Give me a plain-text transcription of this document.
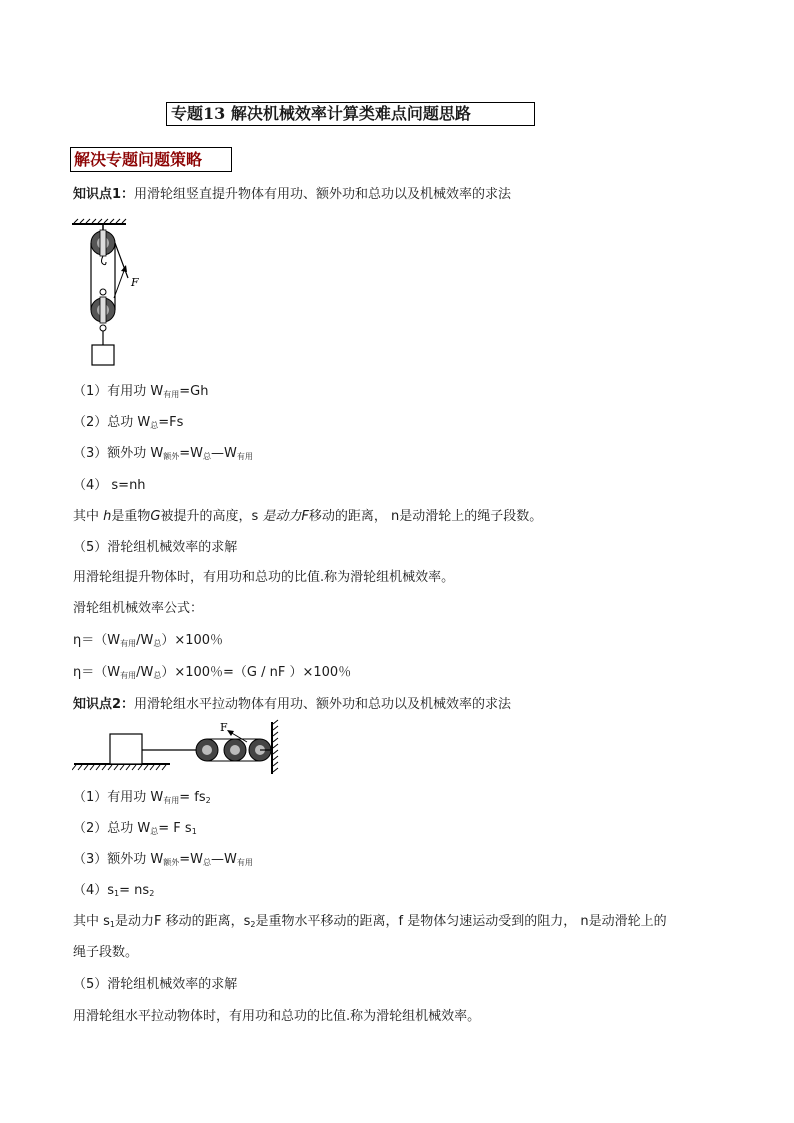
专题13 解决机械效率计算类难点问题思路
解决专题问题策略
知识点1：用滑轮组竖直提升物体有用功、额外功和总功以及机械效率的求法
F
（1）有用功 $W_{有用}=Gh$
（2）总功 $W_总=Fs$
（3）额外功 $W_{额外}=W_总—W_{有用}$
（4） s=nh
其中 h是重物G被提升的高度，s 是动力F移动的距离， n是动滑轮上的绳子段数。
（5）滑轮组机械效率的求解
用滑轮组提升物体时，有用功和总功的比值.称为滑轮组机械效率。
滑轮组机械效率公式：
$\eta=(W_{有用}/W_总)\times 100$％
$\eta=(W_{有用}/W_总)\times 100$％=（G / nF ）×100％
知识点2：用滑轮组水平拉动物体有用功、额外功和总功以及机械效率的求法
F
（1）有用功 $W_{有用}= fs_2$
（2）总功 $W_总= F$ $s_1$
（3）额外功 $W_{额外}=W_总—W_{有用}$
$(4)s_1= ns_2$
其中 $s_1$是动力F 移动的距离，$s_2$是重物水平移动的距离，f 是物体匀速运动受到的阻力， n是动滑轮上的
绳子段数。
（5）滑轮组机械效率的求解
用滑轮组水平拉动物体时，有用功和总功的比值.称为滑轮组机械效率。
